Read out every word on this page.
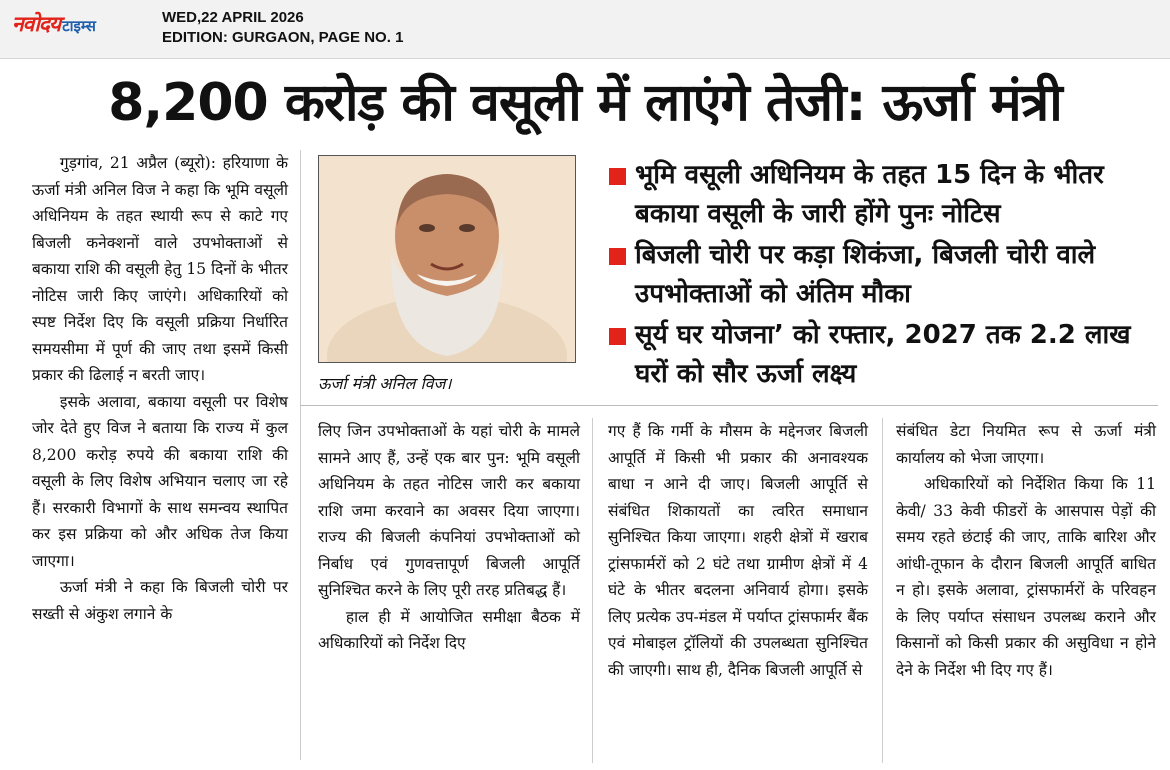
नवोदय टाइम्स	WED,22 APRIL 2026
EDITION: GURGAON, PAGE NO. 1
8,200 करोड़ की वसूली में लाएंगे तेजी: ऊर्जा मंत्री

गुड़गांव, 21 अप्रैल (ब्यूरो): हरियाणा के ऊर्जा मंत्री अनिल विज ने कहा कि भूमि वसूली अधिनियम के तहत स्थायी रूप से काटे गए बिजली कनेक्शनों वाले उपभोक्ताओं से बकाया राशि की वसूली हेतु 15 दिनों के भीतर नोटिस जारी किए जाएंगे। अधिकारियों को स्पष्ट निर्देश दिए कि वसूली प्रक्रिया निर्धारित समयसीमा में पूर्ण की जाए तथा इसमें किसी प्रकार की ढिलाई न बरती जाए।

इसके अलावा, बकाया वसूली पर विशेष जोर देते हुए विज ने बताया कि राज्य में कुल 8,200 करोड़ रुपये की बकाया राशि की वसूली के लिए विशेष अभियान चलाए जा रहे हैं। सरकारी विभागों के साथ समन्वय स्थापित कर इस प्रक्रिया को और अधिक तेज किया जाएगा।

ऊर्जा मंत्री ने कहा कि बिजली चोरी पर सख्ती से अंकुश लगाने के

ऊर्जा मंत्री अनिल विज।
भूमि वसूली अधिनियम के तहत 15 दिन के भीतर बकाया वसूली के जारी होंगे पुनः नोटिस
बिजली चोरी पर कड़ा शिकंजा, बिजली चोरी वाले उपभोक्ताओं को अंतिम मौका
सूर्य घर योजना’ को रफ्तार, 2027 तक 2.2 लाख घरों को सौर ऊर्जा लक्ष्य

लिए जिन उपभोक्ताओं के यहां चोरी के मामले सामने आए हैं, उन्हें एक बार पुन: भूमि वसूली अधिनियम के तहत नोटिस जारी कर बकाया राशि जमा करवाने का अवसर दिया जाएगा। राज्य की बिजली कंपनियां उपभोक्ताओं को निर्बाध एवं गुणवत्तापूर्ण बिजली आपूर्ति सुनिश्चित करने के लिए पूरी तरह प्रतिबद्ध हैं।

हाल ही में आयोजित समीक्षा बैठक में अधिकारियों को निर्देश दिए

गए हैं कि गर्मी के मौसम के मद्देनजर बिजली आपूर्ति में किसी भी प्रकार की अनावश्यक बाधा न आने दी जाए। बिजली आपूर्ति से संबंधित शिकायतों का त्वरित समाधान सुनिश्चित किया जाएगा। शहरी क्षेत्रों में खराब ट्रांसफार्मरों को 2 घंटे तथा ग्रामीण क्षेत्रों में 4 घंटे के भीतर बदलना अनिवार्य होगा। इसके लिए प्रत्येक उप-मंडल में पर्याप्त ट्रांसफार्मर बैंक एवं मोबाइल ट्रॉलियों की उपलब्धता सुनिश्चित की जाएगी। साथ ही, दैनिक बिजली आपूर्ति से

संबंधित डेटा नियमित रूप से ऊर्जा मंत्री कार्यालय को भेजा जाएगा।

अधिकारियों को निर्देशित किया कि 11 केवी/ 33 केवी फीडरों के आसपास पेड़ों की समय रहते छंटाई की जाए, ताकि बारिश और आंधी-तूफान के दौरान बिजली आपूर्ति बाधित न हो। इसके अलावा, ट्रांसफार्मरों के परिवहन के लिए पर्याप्त संसाधन उपलब्ध कराने और किसानों को किसी प्रकार की असुविधा न होने देने के निर्देश भी दिए गए हैं।
